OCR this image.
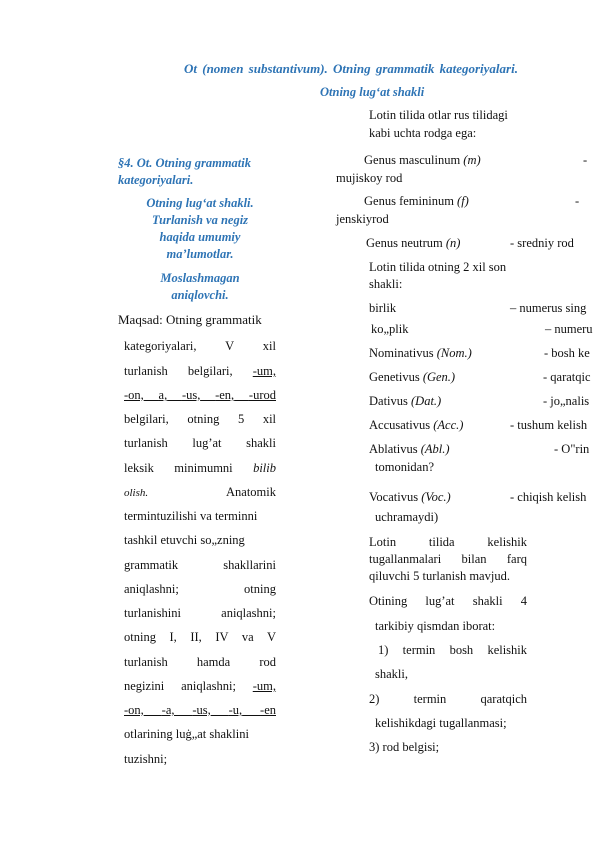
Ot (nomen substantivum). Otning grammatik kategoriyalari.
Otning lug‘at shakli
§4. Ot. Otning grammatik
kategoriyalari.
Otning lug‘at shakli.
Turlanish va negiz
haqida umumiy
ma’lumotlar.
Moslashmagan
aniqlovchi.
Maqsad: Otning grammatik
kategoriyalari, V xil
turlanish belgilari, -um,
-on, a, -us, -en, -urod
belgilari, otning 5 xil
turlanish lug’at shakli
leksik minimumni bilib
olish.	Anatomik
termintuzilishi va terminni
tashkil etuvchi so„zning
grammatik	shakllarini
aniqlashni;	otning
turlanishini	aniqlashni;
otning I, II, IV va V
turlanish hamda rod
negizini aniqlashni; -um,
-on, -a, -us, -u, -en
otlarining luġ„at shaklini
tuzishni;
Lotin tilida otlar rus tilidagi
kabi uchta rodga ega:
Genus masculinum (m)	-
mujiskoy rod
Genus femininum (f)	-
jenskiyrod
Genus neutrum (n)	- sredniy rod
Lotin tilida otning 2 xil son
shakli:
birlik	– numerus sing
ko„plik	– numeru
Nominativus (Nom.)	- bosh ke
Genetivus (Gen.)	- qaratqic
Dativus (Dat.)	- jo„nalis
Accusativus (Acc.)	- tushum kelish
Ablativus (Abl.)	- O"rin
tomonidan?
Vocativus (Voc.)	- chiqish kelish
uchramaydi)
Lotin	tilida	kelishik
tugallanmalari bilan farq
qiluvchi 5 turlanish mavjud.
Otining lug’at shakli 4
tarkibiy qismdan iborat:
1) termin bosh kelishik
shakli,
2)	termin	qaratqich
kelishikdagi tugallanmasi;
3) rod belgisi;
